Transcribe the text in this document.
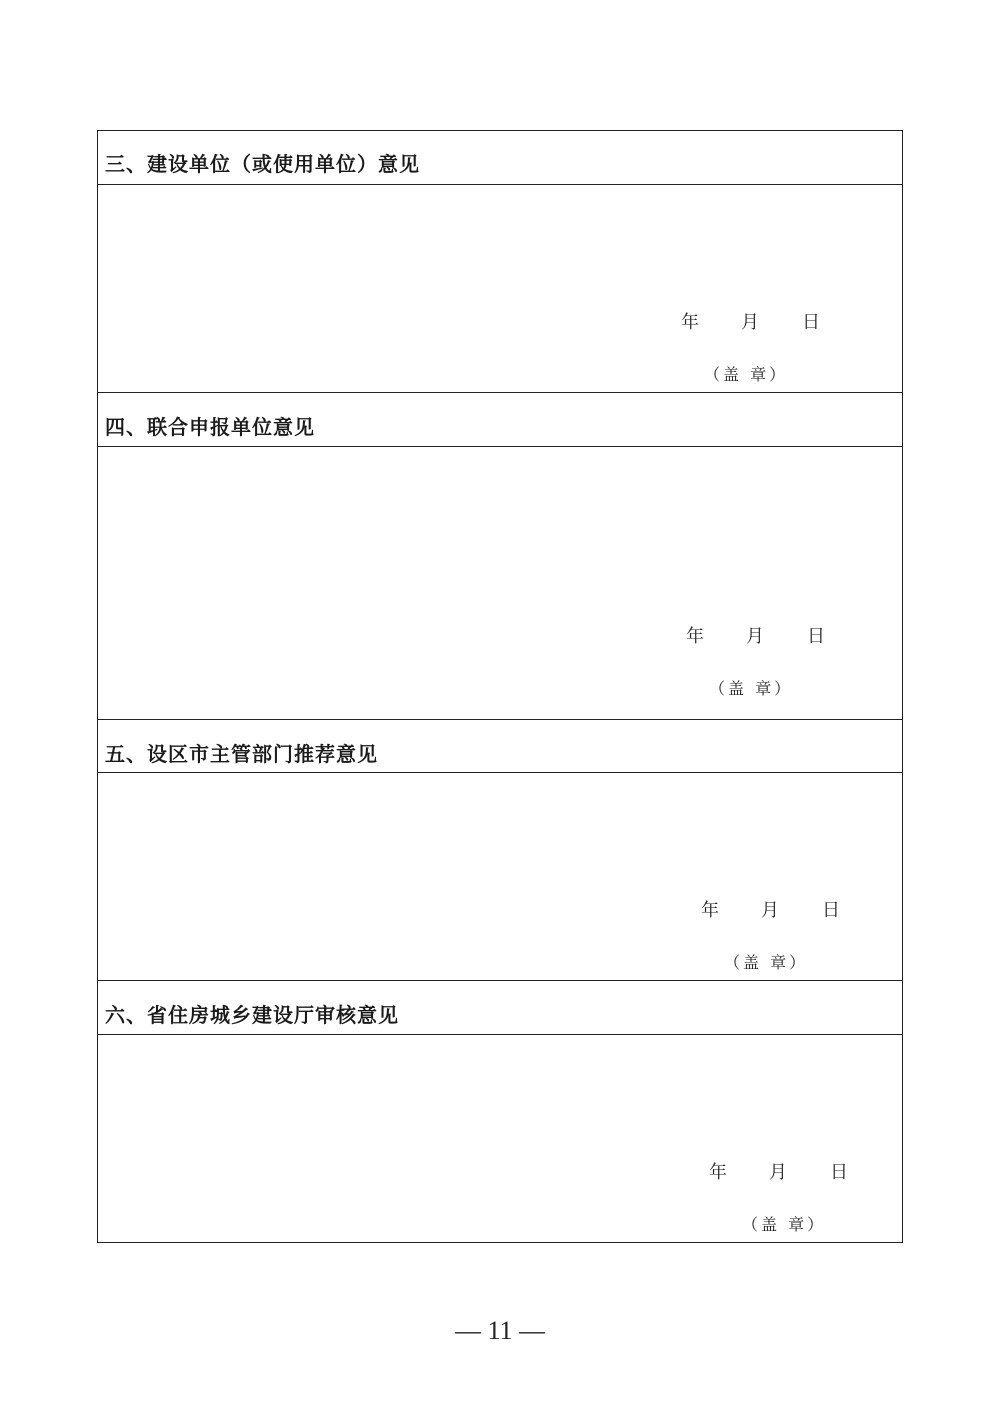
三、建设单位（或使用单位）意见
年 月 日
（盖 章）
四、联合申报单位意见
年 月 日
（盖 章）
五、设区市主管部门推荐意见
年 月 日
（盖 章）
六、省住房城乡建设厅审核意见
年 月 日
（盖 章）
— 11 —
